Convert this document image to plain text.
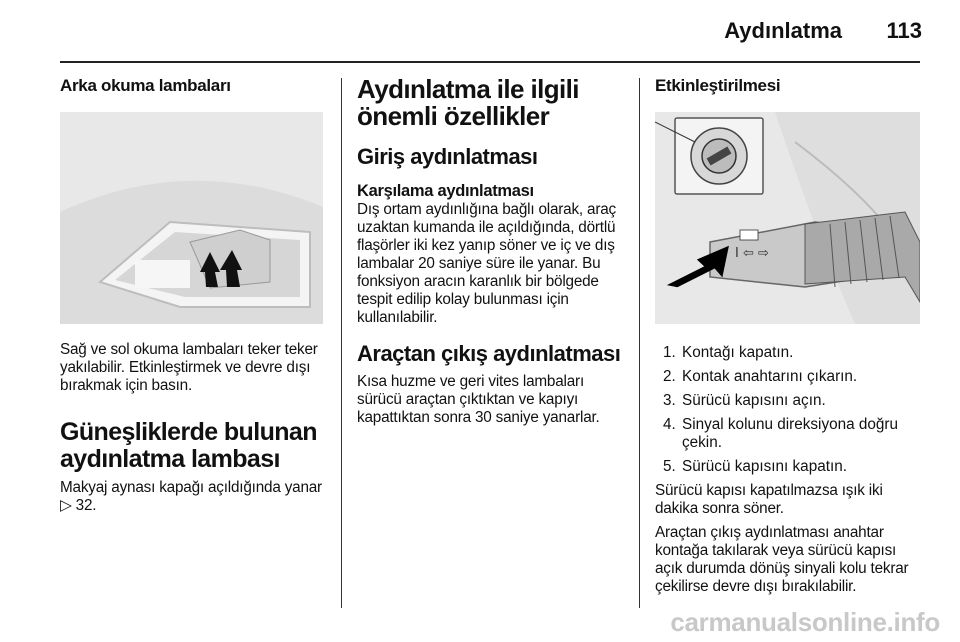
Aydınlatma 113
Arka okuma lambaları

Sağ ve sol okuma lambaları teker teker yakılabilir. Etkinleştirmek ve devre dışı bırakmak için basın.

Güneşliklerde bulunan aydınlatma lambası

Makyaj aynası kapağı açıldığında yanar ▷ 32.

Aydınlatma ile ilgili önemli özellikler
Giriş aydınlatması
Karşılama aydınlatması

Dış ortam aydınlığına bağlı olarak, araç uzaktan kumanda ile açıldığında, dörtlü flaşörler iki kez yanıp söner ve iç ve dış lambalar 20 saniye süre ile yanar. Bu fonksiyon aracın karanlık bir bölgede tespit edilip kolay bulunması için kullanılabilir.

Araçtan çıkış aydınlatması

Kısa huzme ve geri vites lambaları sürücü araçtan çıktıktan ve kapıyı kapattıktan sonra 30 saniye yanarlar.

Etkinleştirilmesi
I ⇦ ⇨
1. Kontağı kapatın.
2. Kontak anahtarını çıkarın.
3. Sürücü kapısını açın.
4. Sinyal kolunu direksiyona doğru çekin.
5. Sürücü kapısını kapatın.

Sürücü kapısı kapatılmazsa ışık iki dakika sonra söner.

Araçtan çıkış aydınlatması anahtar kontağa takılarak veya sürücü kapısı açık durumda dönüş sinyali kolu tekrar çekilirse devre dışı bırakılabilir.

carmanualsonline.info
